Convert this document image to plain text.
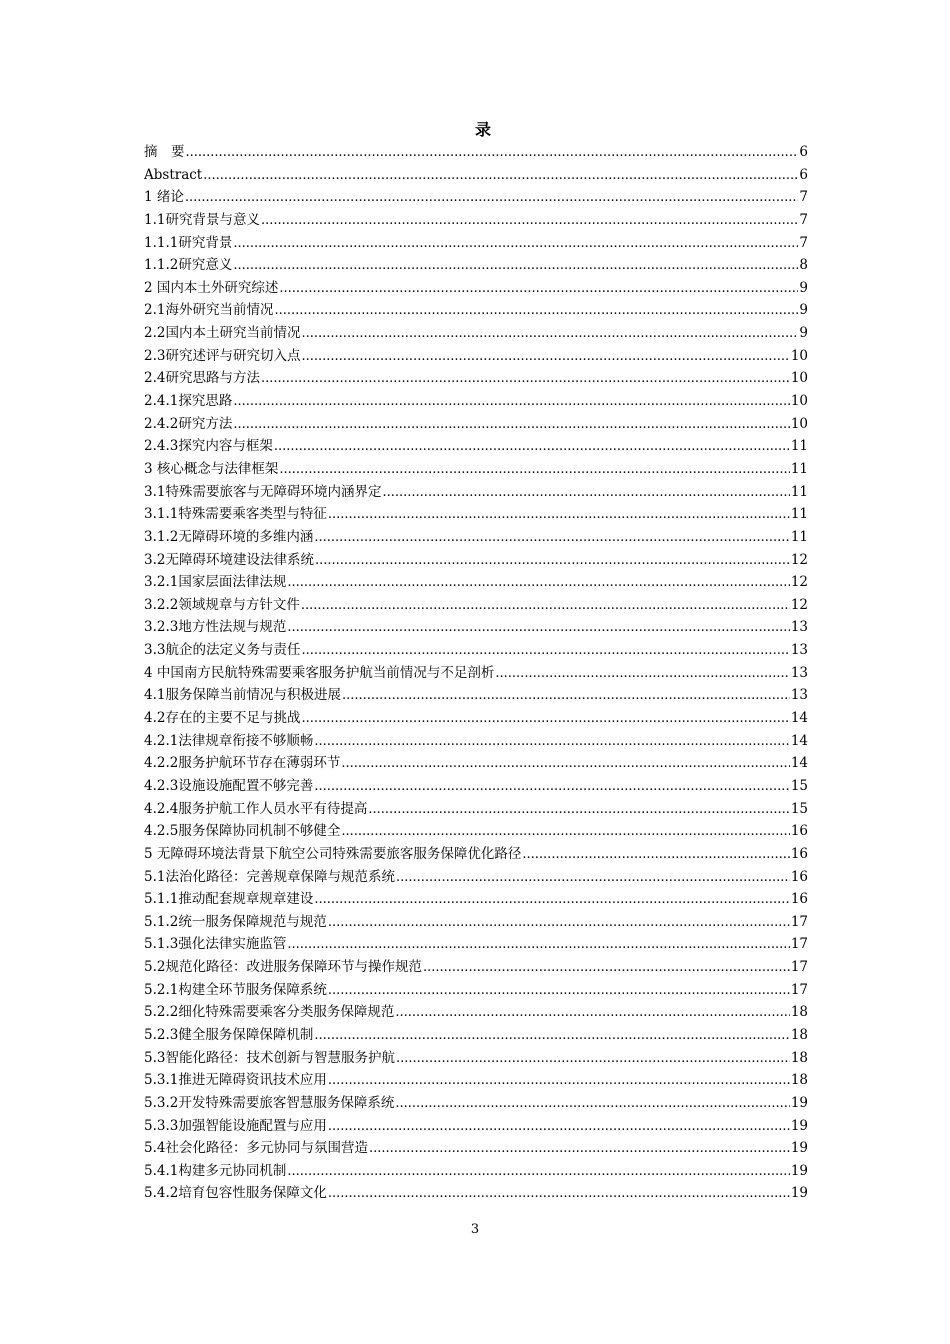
录
摘　要 .....	6
Abstract .....	6
1 绪论 .....	7
1.1研究背景与意义 .....	7
1.1.1研究背景 .....	7
1.1.2研究意义 .....	8
2 国内本土外研究综述 .....	9
2.1海外研究当前情况 .....	9
2.2国内本土研究当前情况 .....	9
2.3研究述评与研究切入点 .....	10
2.4研究思路与方法 .....	10
2.4.1探究思路 .....	10
2.4.2研究方法 .....	10
2.4.3探究内容与框架 .....	11
3 核心概念与法律框架 .....	11
3.1特殊需要旅客与无障碍环境内涵界定 .....	11
3.1.1特殊需要乘客类型与特征 .....	11
3.1.2无障碍环境的多维内涵 .....	11
3.2无障碍环境建设法律系统 .....	12
3.2.1国家层面法律法规 .....	12
3.2.2领域规章与方针文件 .....	12
3.2.3地方性法规与规范 .....	13
3.3航企的法定义务与责任 .....	13
4 中国南方民航特殊需要乘客服务护航当前情况与不足剖析 .....	13
4.1服务保障当前情况与积极进展 .....	13
4.2存在的主要不足与挑战 .....	14
4.2.1法律规章衔接不够顺畅 .....	14
4.2.2服务护航环节存在薄弱环节 .....	14
4.2.3设施设施配置不够完善 .....	15
4.2.4服务护航工作人员水平有待提高 .....	15
4.2.5服务保障协同机制不够健全 .....	16
5 无障碍环境法背景下航空公司特殊需要旅客服务保障优化路径 .....	16
5.1法治化路径：完善规章保障与规范系统 .....	16
5.1.1推动配套规章规章建设 .....	16
5.1.2统一服务保障规范与规范 .....	17
5.1.3强化法律实施监管 .....	17
5.2规范化路径：改进服务保障环节与操作规范 .....	17
5.2.1构建全环节服务保障系统 .....	17
5.2.2细化特殊需要乘客分类服务保障规范 .....	18
5.2.3健全服务保障保障机制 .....	18
5.3智能化路径：技术创新与智慧服务护航 .....	18
5.3.1推进无障碍资讯技术应用 .....	18
5.3.2开发特殊需要旅客智慧服务保障系统 .....	19
5.3.3加强智能设施配置与应用 .....	19
5.4社会化路径：多元协同与氛围营造 .....	19
5.4.1构建多元协同机制 .....	19
5.4.2培育包容性服务保障文化 .....	19
3
